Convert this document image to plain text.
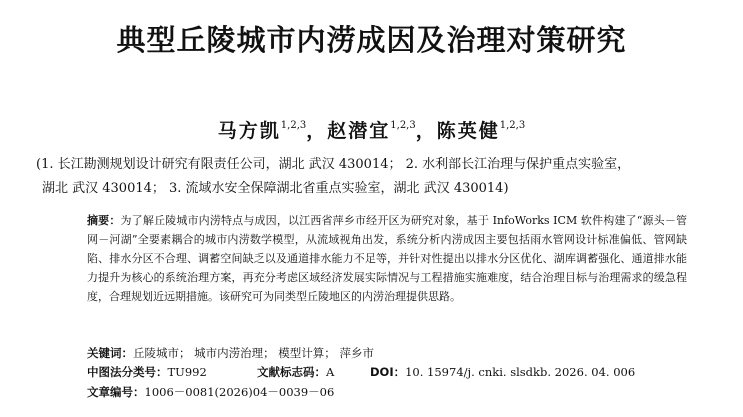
典型丘陵城市内涝成因及治理对策研究
马方凯$^{1,2,3}$，赵潜宜$^{1,2,3}$，陈英健$^{1,2,3}$
(1. 长江勘测规划设计研究有限责任公司，湖北 武汉 430014； 2. 水利部长江治理与保护重点实验室，
湖北 武汉 430014； 3. 流域水安全保障湖北省重点实验室，湖北 武汉 430014)
摘要：为了解丘陵城市内涝特点与成因，以江西省萍乡市经开区为研究对象，基于 InfoWorks ICM 软件构建了“源头－管网－河湖”全要素耦合的城市内涝数学模型，从流域视角出发，系统分析内涝成因主要包括雨水管网设计标准偏低、管网缺陷、排水分区不合理、调蓄空间缺乏以及通道排水能力不足等，并针对性提出以排水分区优化、湖库调蓄强化、通道排水能力提升为核心的系统治理方案，再充分考虑区域经济发展实际情况与工程措施实施难度，结合治理目标与治理需求的缓急程度，合理规划近远期措施。该研究可为同类型丘陵地区的内涝治理提供思路。
关键词：丘陵城市； 城市内涝治理； 模型计算； 萍乡市
中图法分类号：TU992	文献标志码：A	DOI：10. 15974/j. cnki. slsdkb. 2026. 04. 006
文章编号：1006－0081(2026)04－0039－06
